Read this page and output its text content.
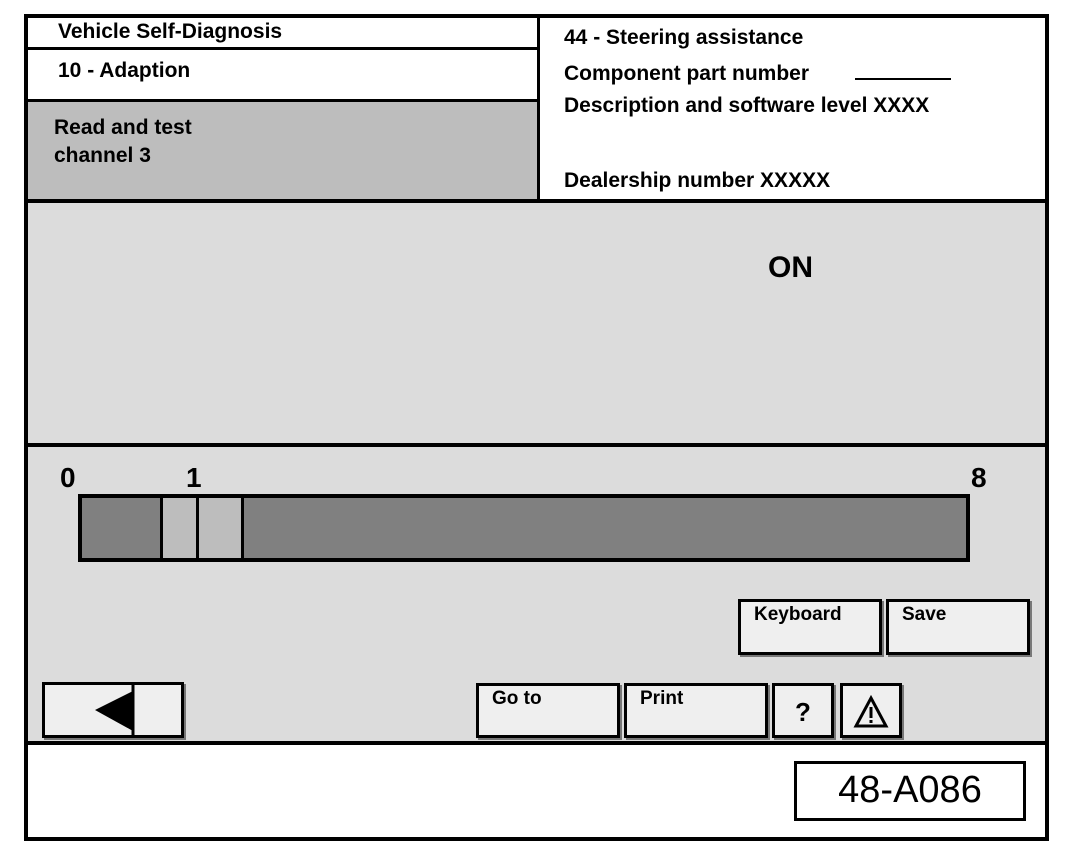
Vehicle Self-Diagnosis
10 - Adaption
Read and test
channel 3
44 - Steering assistance
Component part number
Description and software level XXXX
Dealership number XXXXX
ON
0	1	8
Keyboard	Save
Go to	Print	?
48-A086
